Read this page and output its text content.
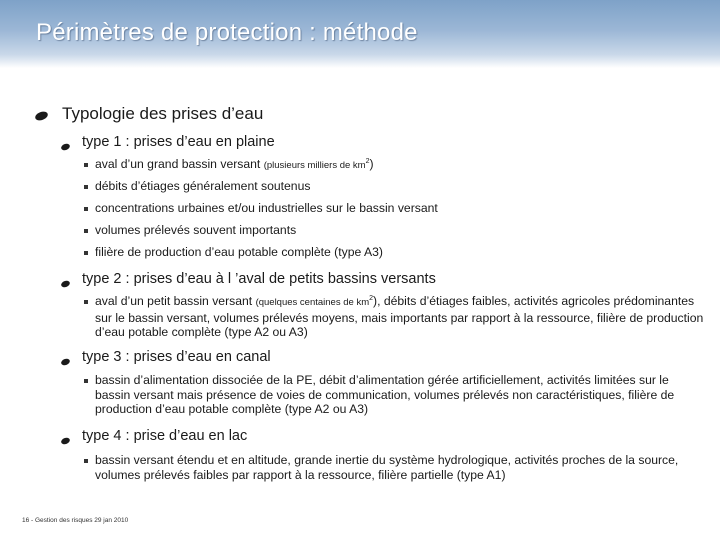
Périmètres de protection : méthode
Typologie des prises d’eau
type 1 : prises d’eau en plaine
aval d’un grand bassin versant (plusieurs milliers de $km^2$)
débits d’étiages généralement soutenus
concentrations urbaines et/ou industrielles sur le bassin versant
volumes prélevés souvent importants
filière de production d’eau potable complète (type A3)
type 2 : prises d’eau à l ’aval de petits bassins versants
aval d’un petit bassin versant (quelques centaines de $km^2$), débits d’étiages faibles, activités agricoles prédominantes sur le bassin versant, volumes prélevés moyens, mais importants par rapport à la ressource, filière de production d’eau potable complète (type A2 ou A3)
type 3 : prises d’eau en canal
bassin d’alimentation dissociée de la PE, débit d’alimentation gérée artificiellement, activités limitées sur le bassin versant mais présence de voies de communication, volumes prélevés non caractéristiques, filière de production d’eau potable complète (type A2 ou A3)
type 4 : prise d’eau en lac
bassin versant étendu et en altitude, grande inertie du système hydrologique, activités proches de la source, volumes prélevés faibles par rapport à la ressource, filière partielle (type A1)
16 - Gestion des risques 29 jan 2010
